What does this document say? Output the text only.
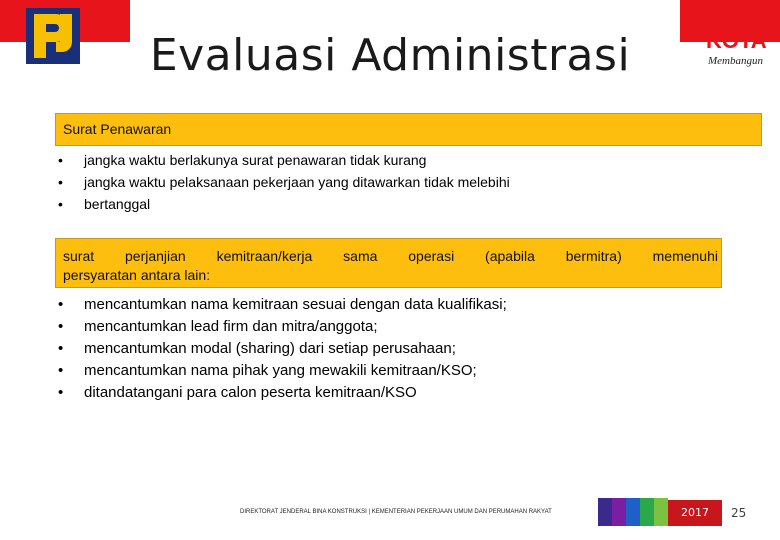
KOTA
Membangun
Evaluasi Administrasi
Surat Penawaran
• jangka waktu berlakunya surat penawaran tidak kurang
• jangka waktu pelaksanaan pekerjaan yang ditawarkan tidak melebihi
• bertanggal
surat perjanjian kemitraan/kerja sama operasi (apabila bermitra) memenuhi
persyaratan antara lain:
• mencantumkan nama kemitraan sesuai dengan data kualifikasi;
• mencantumkan lead firm dan mitra/anggota;
• mencantumkan modal (sharing) dari setiap perusahaan;
• mencantumkan nama pihak yang mewakili kemitraan/KSO;
• ditandatangani para calon peserta kemitraan/KSO
DIREKTORAT JENDERAL BINA KONSTRUKSI | KEMENTERIAN PEKERJAAN UMUM DAN PERUMAHAN RAKYAT	2017	25
